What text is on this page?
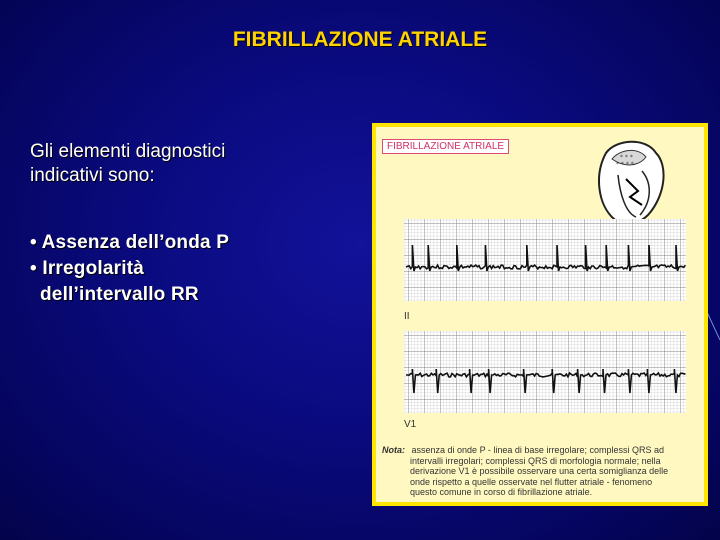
FIBRILLAZIONE ATRIALE
Gli elementi diagnostici
indicativi sono:
• Assenza dell’onda P
• Irregolarità
dell’intervallo RR
* * *
* * * *
FIBRILLAZIONE ATRIALE
II
V1
Nota: assenza di onde P - linea di base irregolare; complessi QRS ad
intervalli irregolari; complessi QRS di morfologia normale; nella
derivazione V1 è possibile osservare una certa somiglianza delle
onde rispetto a quelle osservate nel flutter atriale - fenomeno
questo comune in corso di fibrillazione atriale.
